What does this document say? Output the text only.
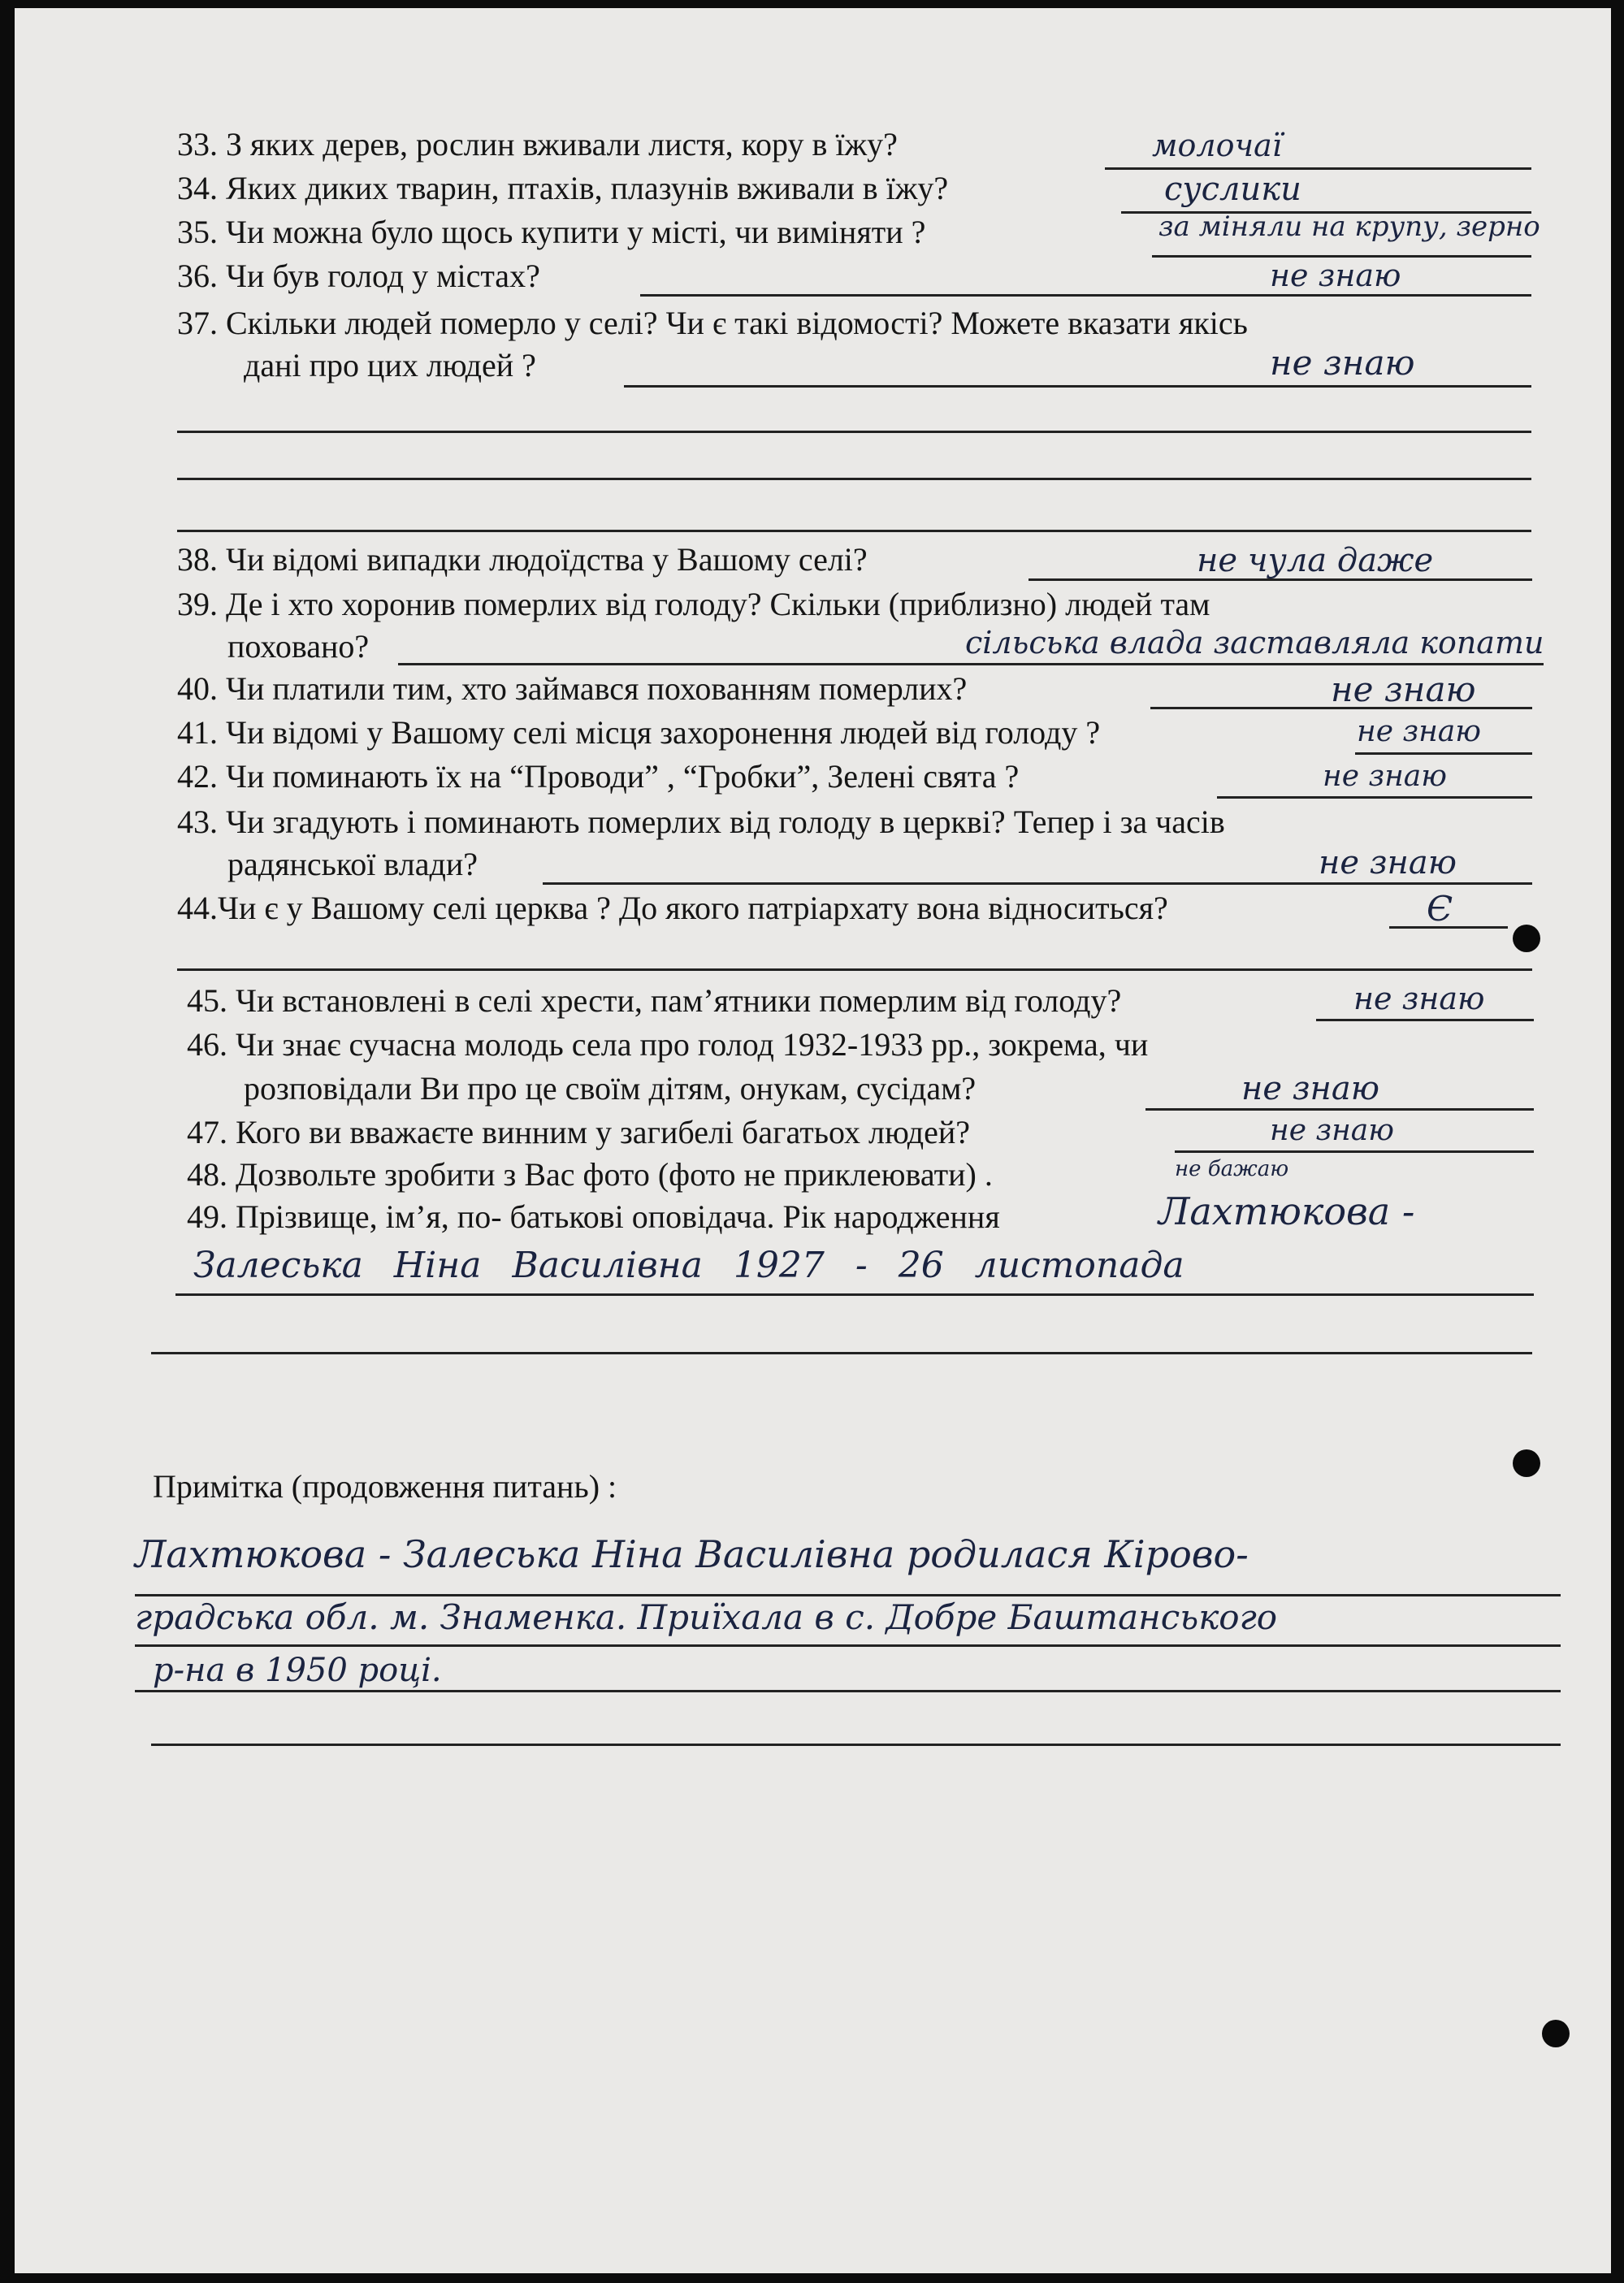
33. З яких дерев, рослин вживали листя, кору в їжу?	молочаї
34. Яких диких тварин, птахів, плазунів вживали в їжу?	суслики
35. Чи можна було щось купити у місті, чи виміняти ?	за міняли на крупу, зерно
36. Чи був голод у містах?	не знаю
37. Скільки людей померло у селі? Чи є такі відомості? Можете вказати якісь
дані про цих людей ?	не знаю
38. Чи відомі випадки людоїдства у Вашому селі?	не чула даже
39. Де і хто хоронив померлих від голоду? Скільки (приблизно) людей там
поховано?	сільська влада заставляла копати
40. Чи платили тим, хто займався похованням померлих?	не знаю
41. Чи відомі у Вашому селі місця захоронення людей від голоду ?	не знаю
42. Чи поминають їх на “Проводи” , “Гробки”, Зелені свята ?	не знаю
43. Чи згадують і поминають померлих від голоду в церкві? Тепер і за часів
радянської влади?	не знаю
44.Чи є у Вашому селі церква ? До якого патріархату вона відноситься?	Є
45. Чи встановлені в селі хрести, пам’ятники померлим від голоду?	не знаю
46. Чи знає сучасна молодь села про голод 1932-1933 рр., зокрема, чи
розповідали Ви про це своїм дітям, онукам, сусідам?	не знаю
47. Кого ви вважаєте винним у загибелі багатьох людей?	не знаю
48. Дозвольте зробити з Вас фото (фото не приклеювати) .	не бажаю
49. Прізвище, ім’я, по- батькові оповідача. Рік народження	Лахтюкова -
Залеська Ніна Василівна 1927 - 26 листопада
Примітка (продовження питань) :
Лахтюкова - Залеська Ніна Василівна родилася Кірово-
градська обл. м. Знаменка. Приїхала в с. Добре Баштанського
р-на в 1950 році.
